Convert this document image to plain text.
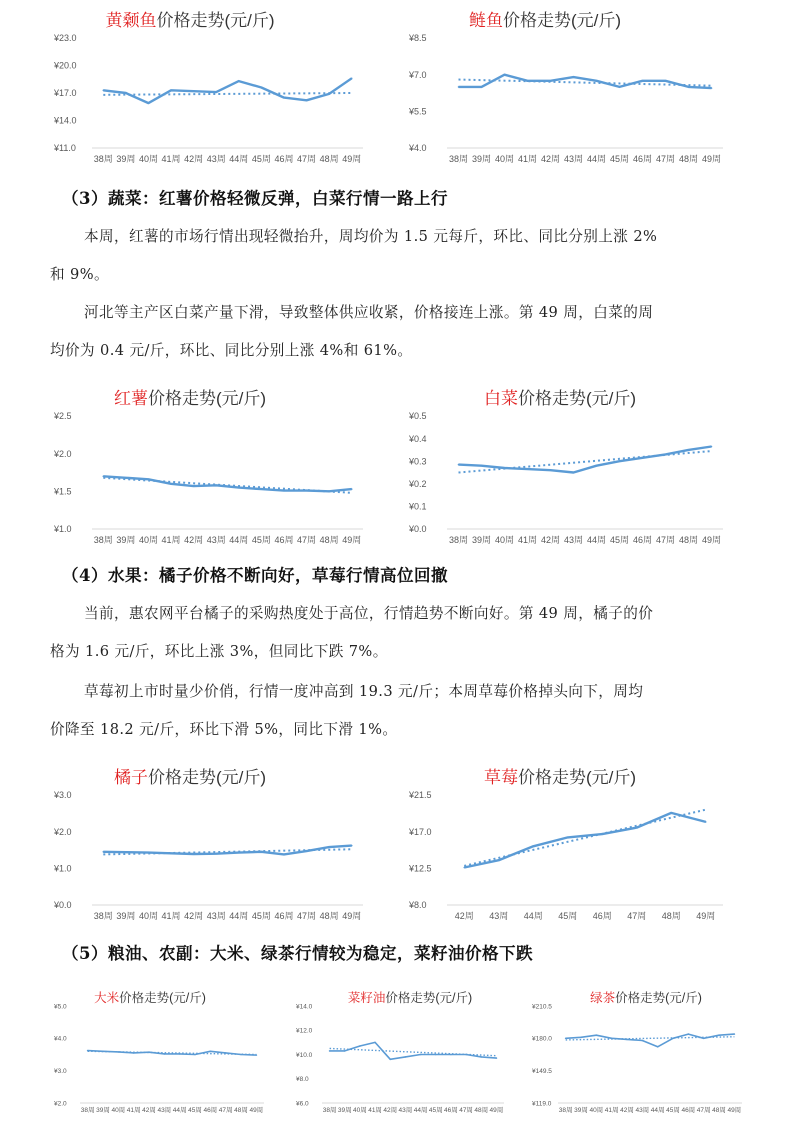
黄颡鱼价格走势(元/斤)
¥23.0
¥20.0
¥17.0
¥14.0
¥11.0
38周 39周 40周 41周 42周 43周 44周 45周 46周 47周 48周 49周
鲢鱼价格走势(元/斤)
¥8.5
¥7.0
¥5.5
¥4.0
38周 39周 40周 41周 42周 43周 44周 45周 46周 47周 48周 49周
（3）蔬菜：红薯价格轻微反弹，白菜行情一路上行

本周，红薯的市场行情出现轻微抬升，周均价为 1.5 元每斤，环比、同比分别上涨 2%
和 9%。

河北等主产区白菜产量下滑，导致整体供应收紧，价格接连上涨。第 49 周，白菜的周
均价为 0.4 元/斤，环比、同比分别上涨 4%和 61%。

红薯价格走势(元/斤)
¥2.5
¥2.0
¥1.5
¥1.0
38周 39周 40周 41周 42周 43周 44周 45周 46周 47周 48周 49周
白菜价格走势(元/斤)
¥0.5
¥0.4
¥0.3
¥0.2
¥0.1
¥0.0
38周 39周 40周 41周 42周 43周 44周 45周 46周 47周 48周 49周
（4）水果：橘子价格不断向好，草莓行情高位回撤

当前，惠农网平台橘子的采购热度处于高位，行情趋势不断向好。第 49 周，橘子的价
格为 1.6 元/斤，环比上涨 3%，但同比下跌 7%。

草莓初上市时量少价俏，行情一度冲高到 19.3 元/斤；本周草莓价格掉头向下，周均
价降至 18.2 元/斤，环比下滑 5%，同比下滑 1%。

橘子价格走势(元/斤)
¥3.0
¥2.0
¥1.0
¥0.0
38周 39周 40周 41周 42周 43周 44周 45周 46周 47周 48周 49周
草莓价格走势(元/斤)
¥21.5
¥17.0
¥12.5
¥8.0
42周 43周 44周 45周 46周 47周 48周 49周
（5）粮油、农副：大米、绿茶行情较为稳定，菜籽油价格下跌
大米价格走势(元/斤)
¥5.0
¥4.0
¥3.0
¥2.0
38周 39周 40周 41周 42周 43周 44周 45周 46周 47周 48周 49周
菜籽油价格走势(元/斤)
¥14.0
¥12.0
¥10.0
¥8.0
¥6.0
38周 39周 40周 41周 42周 43周 44周 45周 46周 47周 48周 49周
绿茶价格走势(元/斤)
¥210.5
¥180.0
¥149.5
¥119.0
38周 39周 40周 41周 42周 43周 44周 45周 46周 47周 48周 49周
